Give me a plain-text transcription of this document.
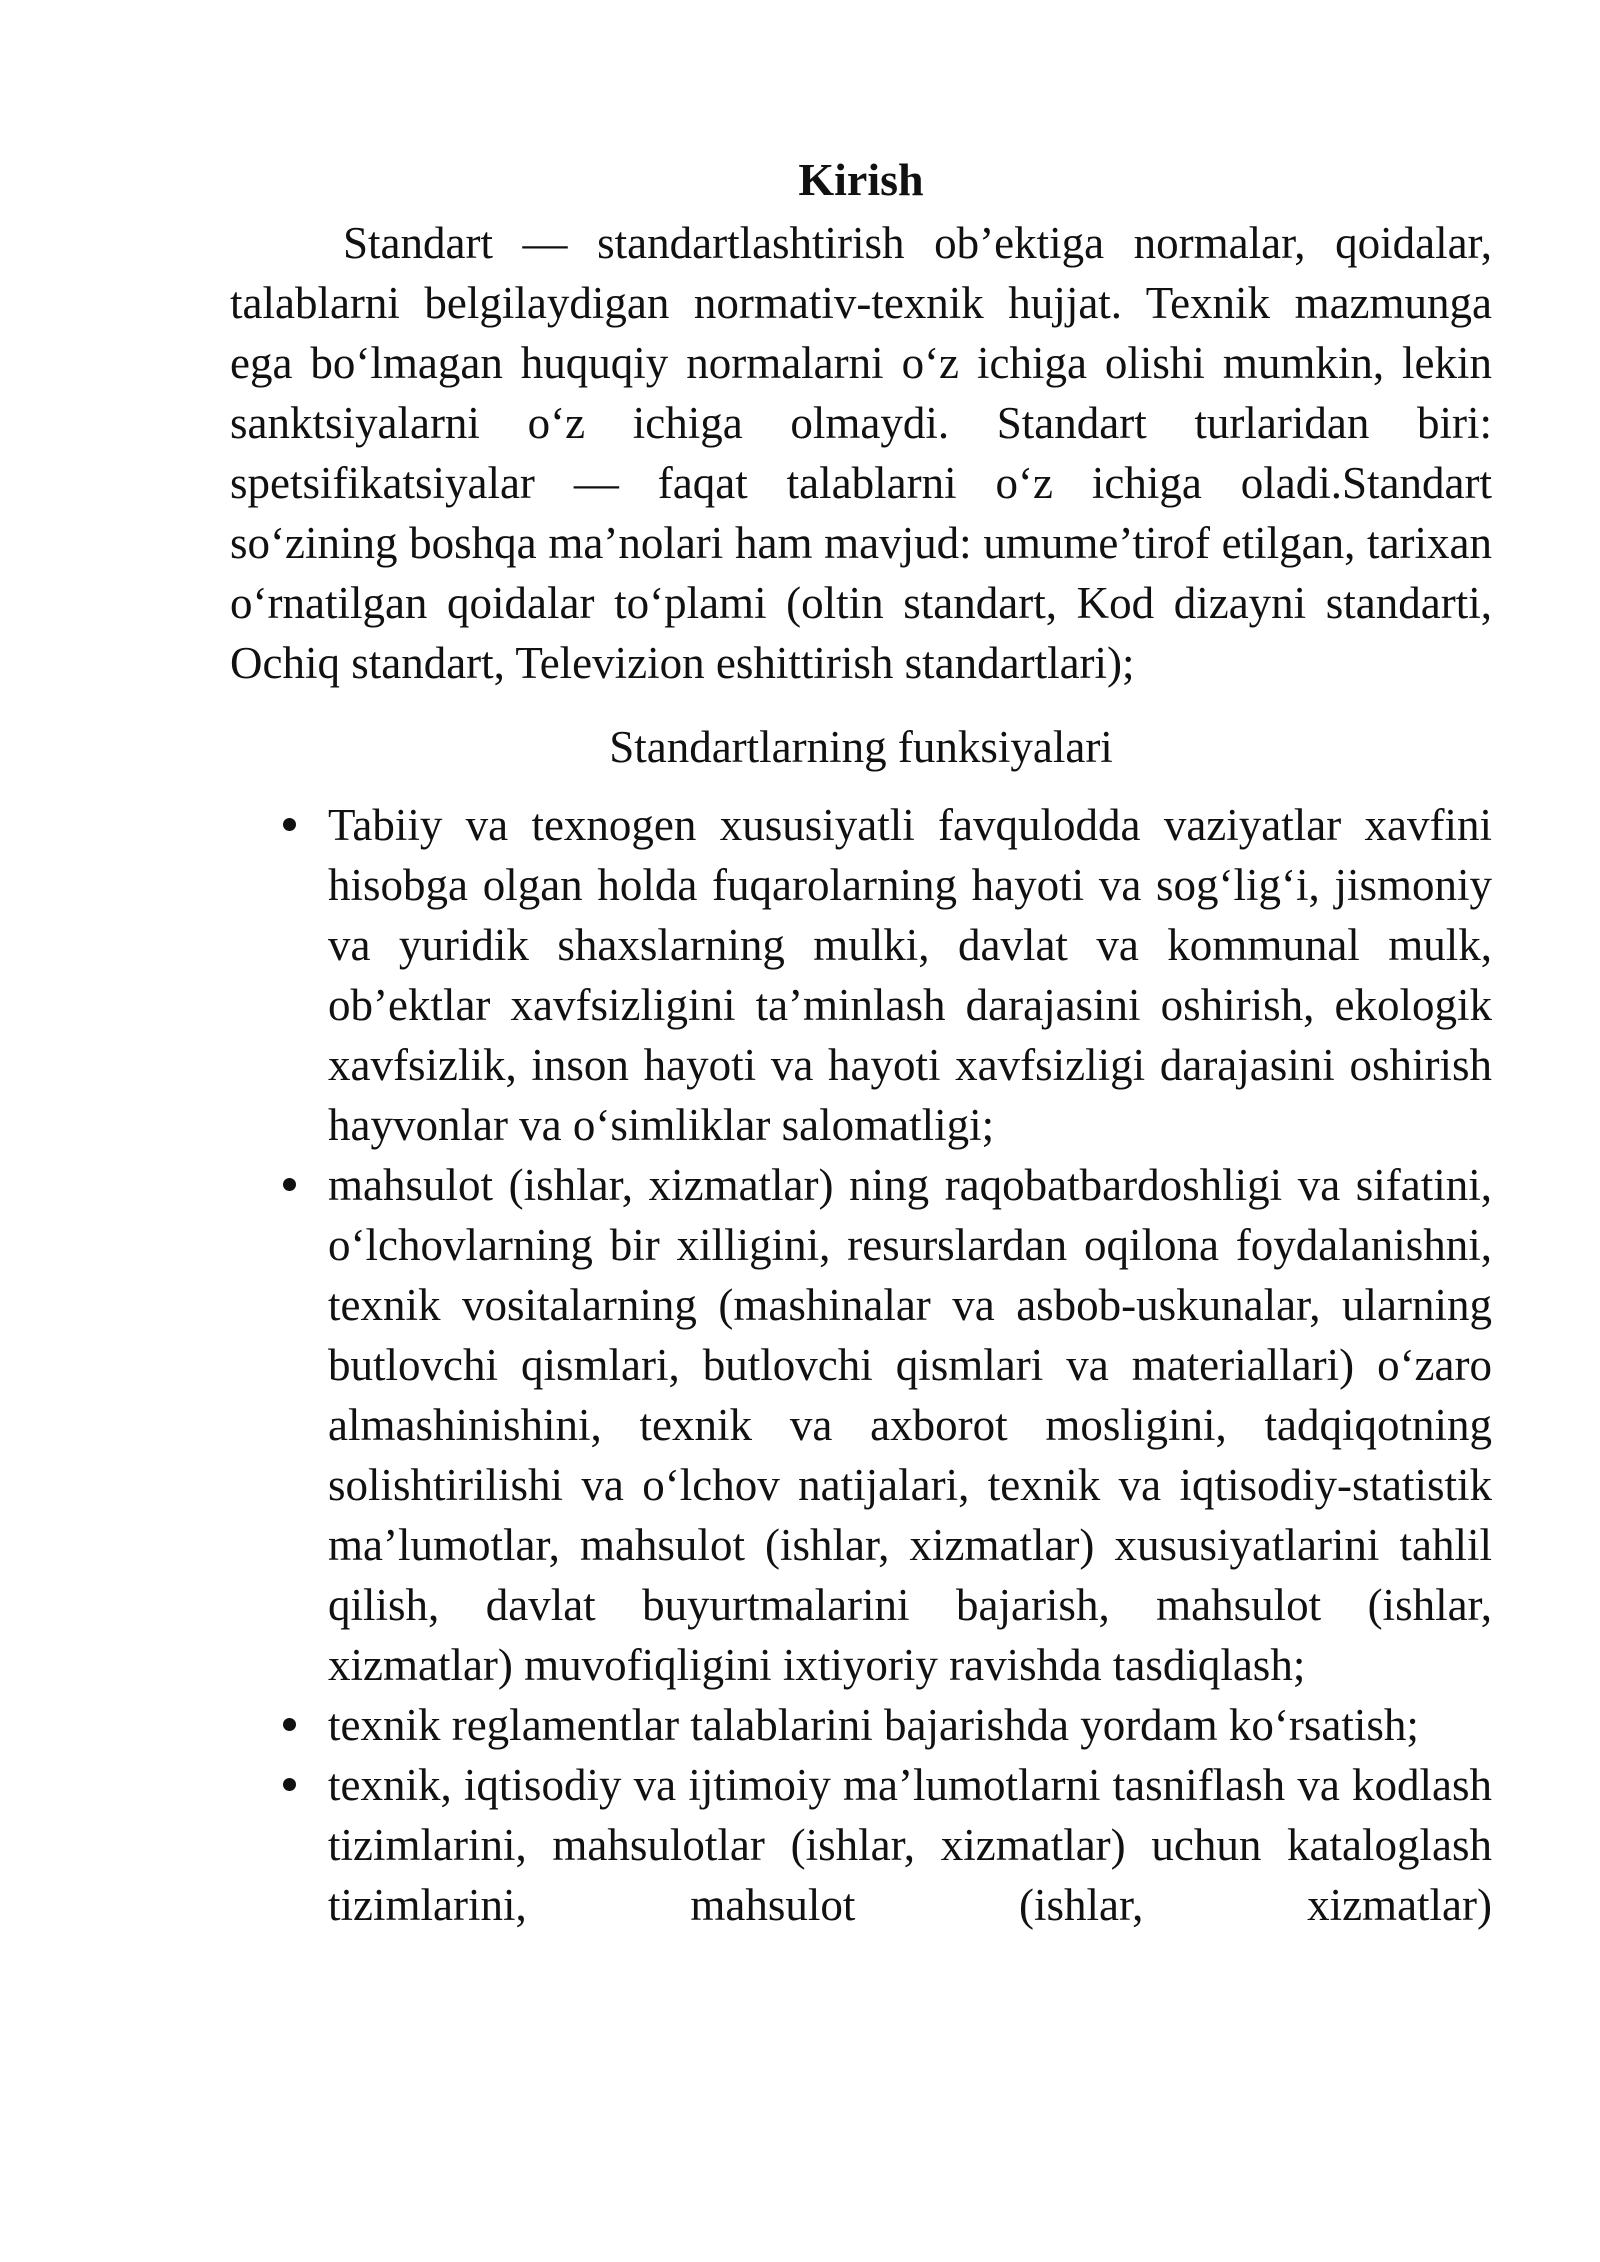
Kirish

Standart — standartlashtirish ob’ektiga normalar, qoidalar, talablarni belgilaydigan normativ-texnik hujjat. Texnik mazmunga ega bo‘lmagan huquqiy normalarni o‘z ichiga olishi mumkin, lekin sanktsiyalarni o‘z ichiga olmaydi. Standart turlaridan biri: spetsifikatsiyalar — faqat talablarni o‘z ichiga oladi.Standart so‘zining boshqa ma’nolari ham mavjud: umume’tirof etilgan, tarixan o‘rnatilgan qoidalar to‘plami (oltin standart, Kod dizayni standarti, Ochiq standart, Televizion eshittirish standartlari);

Standartlarning funksiyalari
Tabiiy va texnogen xususiyatli favqulodda vaziyatlar xavfini hisobga olgan holda fuqarolarning hayoti va sog‘lig‘i, jismoniy va yuridik shaxslarning mulki, davlat va kommunal mulk, ob’ektlar xavfsizligini ta’minlash darajasini oshirish, ekologik xavfsizlik, inson hayoti va hayoti xavfsizligi darajasini oshirish hayvonlar va o‘simliklar salomatligi;
mahsulot (ishlar, xizmatlar) ning raqobatbardoshligi va sifatini, o‘lchovlarning bir xilligini, resurslardan oqilona foydalanishni, texnik vositalarning (mashinalar va asbob-uskunalar, ularning butlovchi qismlari, butlovchi qismlari va materiallari) o‘zaro almashinishini, texnik va axborot mosligini, tadqiqotning solishtirilishi va o‘lchov natijalari, texnik va iqtisodiy-statistik ma’lumotlar, mahsulot (ishlar, xizmatlar) xususiyatlarini tahlil qilish, davlat buyurtmalarini bajarish, mahsulot (ishlar, xizmatlar) muvofiqligini ixtiyoriy ravishda tasdiqlash;
texnik reglamentlar talablarini bajarishda yordam ko‘rsatish;
texnik, iqtisodiy va ijtimoiy ma’lumotlarni tasniflash va kodlash tizimlarini, mahsulotlar (ishlar, xizmatlar) uchun kataloglash tizimlarini, mahsulot (ishlar, xizmatlar)
